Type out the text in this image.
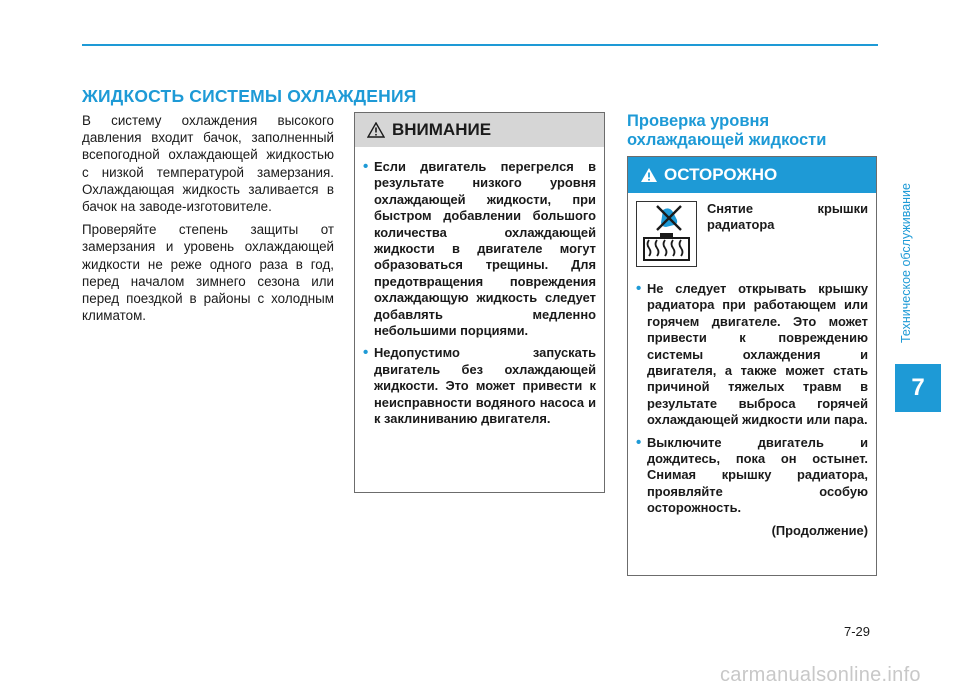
ЖИДКОСТЬ СИСТЕМЫ ОХЛАЖДЕНИЯ

В систему охлаждения высокого давления входит бачок, заполненный всепогодной охлаждающей жидкостью с низкой температурой замерзания. Охлаждающая жидкость заливается в бачок на заводе-изготовителе.

Проверяйте степень защиты от замерзания и уровень охлаждающей жидкости не реже одного раза в год, перед началом зимнего сезона или перед поездкой в районы с холодным климатом.

ВНИМАНИЕ
• Если двигатель перегрелся в результате низкого уровня охлаждающей жидкости, при быстром добавлении большого количества охлаждающей жидкости в двигателе могут образоваться трещины. Для предотвращения повреждения охлаждающую жидкость следует добавлять медленно небольшими порциями.
• Недопустимо запускать двигатель без охлаждающей жидкости. Это может привести к неисправности водяного насоса и к заклиниванию двигателя.
Проверка уровня охлаждающей жидкости
ОСТОРОЖНО
Снятие крышки радиатора
• Не следует открывать крышку радиатора при работающем или горячем двигателе. Это может привести к повреждению системы охлаждения и двигателя, а также может стать причиной тяжелых травм в результате выброса горячей охлаждающей жидкости или пара.
• Выключите двигатель и дождитесь, пока он остынет. Снимая крышку радиатора, проявляйте особую осторожность.
(Продолжение)
Техническое обслуживание
7
7-29
carmanualsonline.info
